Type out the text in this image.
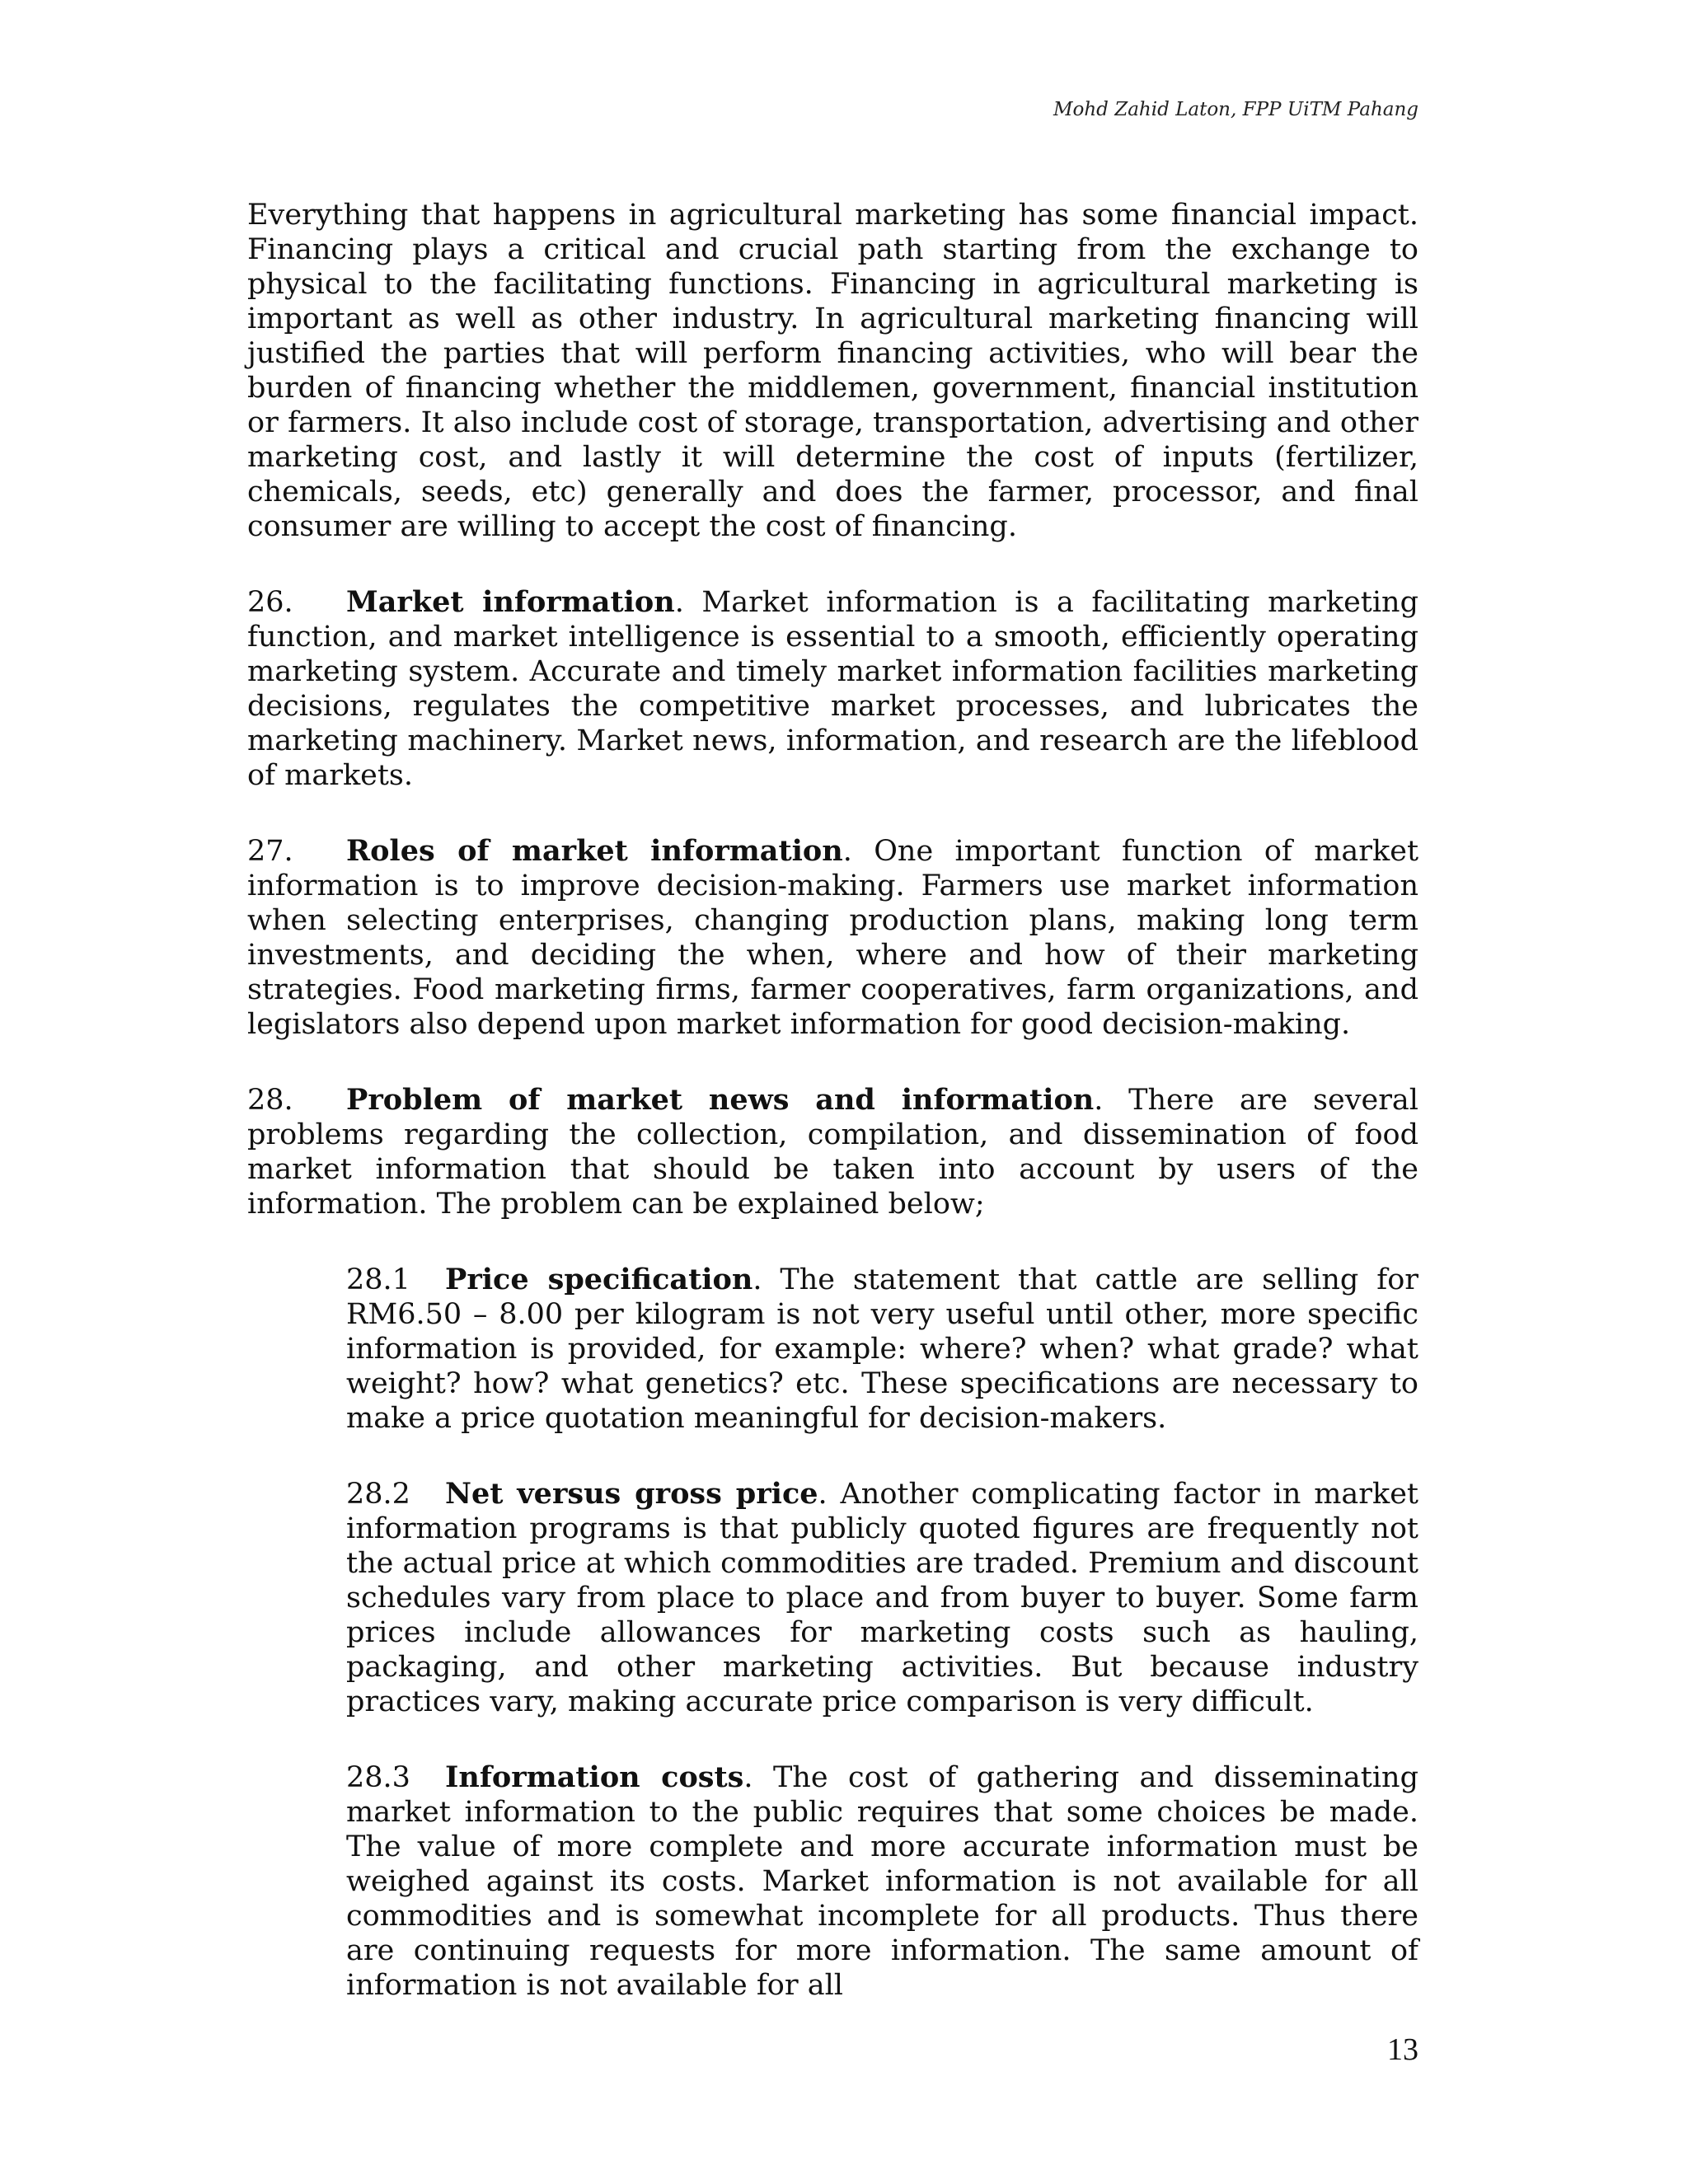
Mohd Zahid Laton, FPP UiTM Pahang

Everything that happens in agricultural marketing has some financial impact. Financing plays a critical and crucial path starting from the exchange to physical to the facilitating functions. Financing in agricultural marketing is important as well as other industry. In agricultural marketing financing will justified the parties that will perform financing activities, who will bear the burden of financing whether the middlemen, government, financial institution or farmers. It also include cost of storage, transportation, advertising and other marketing cost, and lastly it will determine the cost of inputs (fertilizer, chemicals, seeds, etc) generally and does the farmer, processor, and final consumer are willing to accept the cost of financing.

26. Market information. Market information is a facilitating marketing function, and market intelligence is essential to a smooth, efficiently operating marketing system. Accurate and timely market information facilities marketing decisions, regulates the competitive market processes, and lubricates the marketing machinery. Market news, information, and research are the lifeblood of markets.

27. Roles of market information. One important function of market information is to improve decision-making. Farmers use market information when selecting enterprises, changing production plans, making long term investments, and deciding the when, where and how of their marketing strategies. Food marketing firms, farmer cooperatives, farm organizations, and legislators also depend upon market information for good decision-making.

28. Problem of market news and information. There are several problems regarding the collection, compilation, and dissemination of food market information that should be taken into account by users of the information. The problem can be explained below;

28.1 Price specification. The statement that cattle are selling for RM6.50 – 8.00 per kilogram is not very useful until other, more specific information is provided, for example: where? when? what grade? what weight? how? what genetics? etc. These specifications are necessary to make a price quotation meaningful for decision-makers.

28.2 Net versus gross price. Another complicating factor in market information programs is that publicly quoted figures are frequently not the actual price at which commodities are traded. Premium and discount schedules vary from place to place and from buyer to buyer. Some farm prices include allowances for marketing costs such as hauling, packaging, and other marketing activities. But because industry practices vary, making accurate price comparison is very difficult.

28.3 Information costs. The cost of gathering and disseminating market information to the public requires that some choices be made. The value of more complete and more accurate information must be weighed against its costs. Market information is not available for all commodities and is somewhat incomplete for all products. Thus there are continuing requests for more information. The same amount of information is not available for all

13
